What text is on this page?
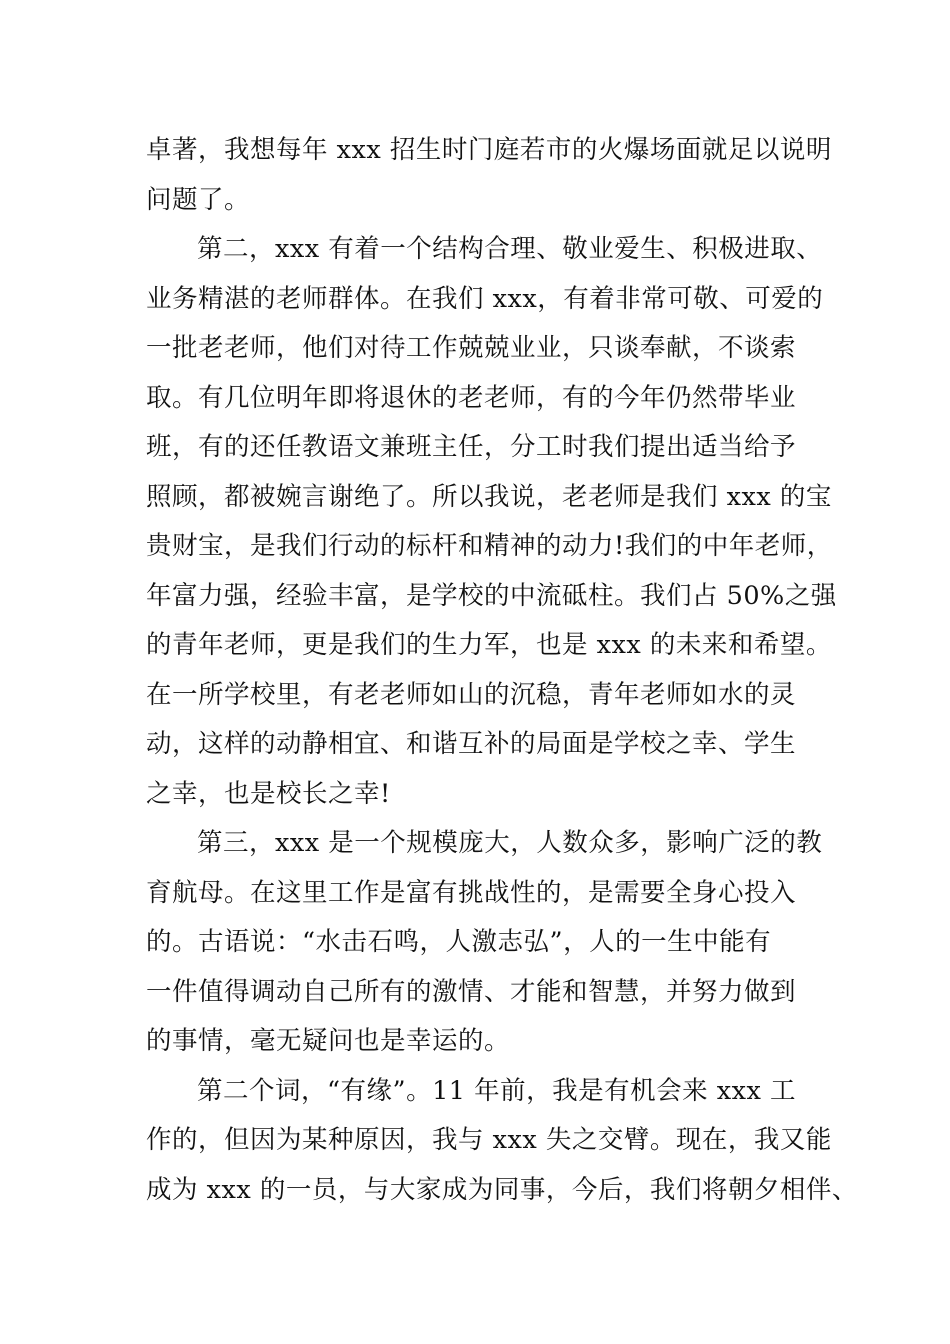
卓著，我想每年 xxx 招生时门庭若市的火爆场面就足以说明
问题了。
第二，xxx 有着一个结构合理、敬业爱生、积极进取、
业务精湛的老师群体。在我们 xxx，有着非常可敬、可爱的
一批老老师，他们对待工作兢兢业业，只谈奉献，不谈索
取。有几位明年即将退休的老老师，有的今年仍然带毕业
班，有的还任教语文兼班主任，分工时我们提出适当给予
照顾，都被婉言谢绝了。所以我说，老老师是我们 xxx 的宝
贵财宝，是我们行动的标杆和精神的动力!我们的中年老师，
年富力强，经验丰富，是学校的中流砥柱。我们占 50%之强
的青年老师，更是我们的生力军，也是 xxx 的未来和希望。
在一所学校里，有老老师如山的沉稳，青年老师如水的灵
动，这样的动静相宜、和谐互补的局面是学校之幸、学生
之幸，也是校长之幸!
第三，xxx 是一个规模庞大，人数众多，影响广泛的教
育航母。在这里工作是富有挑战性的，是需要全身心投入
的。古语说：“水击石鸣，人激志弘”，人的一生中能有
一件值得调动自己所有的激情、才能和智慧，并努力做到
的事情，毫无疑问也是幸运的。
第二个词，“有缘”。11 年前，我是有机会来 xxx 工
作的，但因为某种原因，我与 xxx 失之交臂。现在，我又能
成为 xxx 的一员，与大家成为同事，今后，我们将朝夕相伴、
